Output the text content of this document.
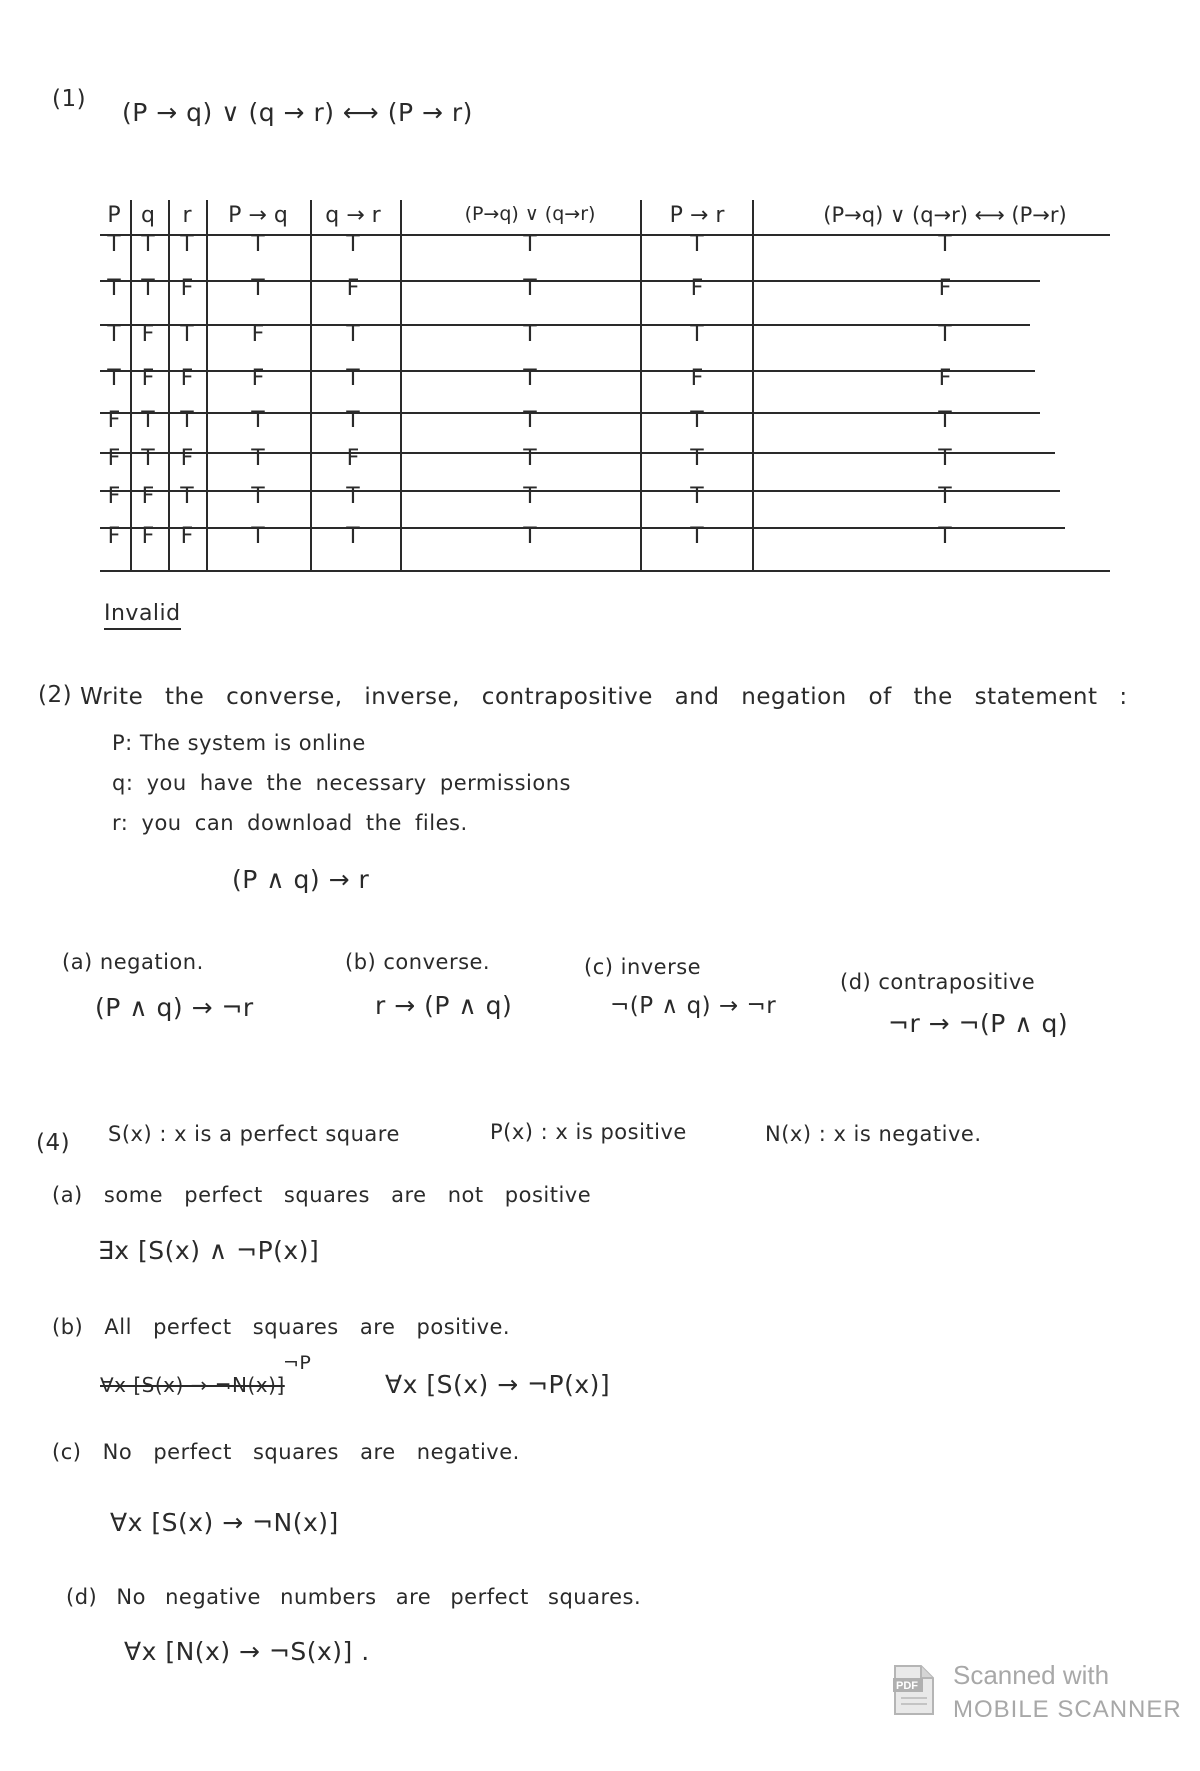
(1) (P → q) ∨ (q → r) ⟷ (P → r)
P q r P → q q → r	(P→q) ∨ (q→r)	P → r	(P→q) ∨ (q→r) ⟷ (P→r)
T T T	T	T	T	T	T
T T F	T	F	T	F	F
T F T	F	T	T	T	T
T F F	F	T	T	F	F
F T T	T	T	T	T	T
F T F	T	F	T	T	T
F F T	T	T	T	T	T
F F F	T	T	T	T	T
Invalid
(2) Write the converse, inverse, contrapositive and negation of the statement :
P: The system is online
q: you have the necessary permissions
r: you can download the files.
(P ∧ q) → r
(a) negation.
(P ∧ q) → ¬r
(b) converse.
r → (P ∧ q)
(c) inverse
¬(P ∧ q) → ¬r
(d) contrapositive
¬r → ¬(P ∧ q)
(4) S(x) : x is a perfect square	P(x) : x is positive	N(x) : x is negative.
(a) some perfect squares are not positive
∃x [S(x) ∧ ¬P(x)]
(b) All perfect squares are positive.
¬P
∀x [S(x) → ¬N(x)]	∀x [S(x) → ¬P(x)]
(c) No perfect squares are negative.
∀x [S(x) → ¬N(x)]
(d) No negative numbers are perfect squares.
∀x [N(x) → ¬S(x)] .
PDF Scanned with
MOBILE SCANNER
